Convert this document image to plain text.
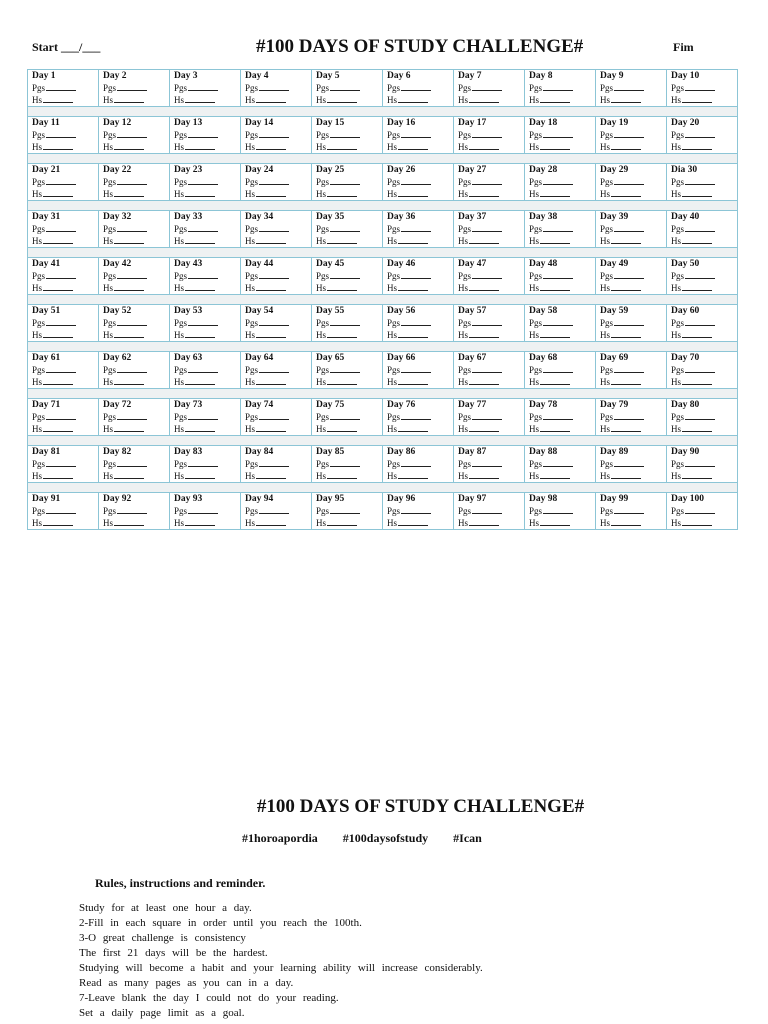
Start ___/___	#100 DAYS OF STUDY CHALLENGE#	Fim
Day 1
Pgs
Hs	Day 2
Pgs
Hs	Day 3
Pgs
Hs	Day 4
Pgs
Hs	Day 5
Pgs
Hs	Day 6
Pgs
Hs	Day 7
Pgs
Hs	Day 8
Pgs
Hs	Day 9
Pgs
Hs	Day 10
Pgs
Hs

Day 11
Pgs
Hs	Day 12
Pgs
Hs	Day 13
Pgs
Hs	Day 14
Pgs
Hs	Day 15
Pgs
Hs	Day 16
Pgs
Hs	Day 17
Pgs
Hs	Day 18
Pgs
Hs	Day 19
Pgs
Hs	Day 20
Pgs
Hs

Day 21
Pgs
Hs	Day 22
Pgs
Hs	Day 23
Pgs
Hs	Day 24
Pgs
Hs	Day 25
Pgs
Hs	Day 26
Pgs
Hs	Day 27
Pgs
Hs	Day 28
Pgs
Hs	Day 29
Pgs
Hs	Dia 30
Pgs
Hs

Day 31
Pgs
Hs	Day 32
Pgs
Hs	Day 33
Pgs
Hs	Day 34
Pgs
Hs	Day 35
Pgs
Hs	Day 36
Pgs
Hs	Day 37
Pgs
Hs	Day 38
Pgs
Hs	Day 39
Pgs
Hs	Day 40
Pgs
Hs

Day 41
Pgs
Hs	Day 42
Pgs
Hs	Day 43
Pgs
Hs	Day 44
Pgs
Hs	Day 45
Pgs
Hs	Day 46
Pgs
Hs	Day 47
Pgs
Hs	Day 48
Pgs
Hs	Day 49
Pgs
Hs	Day 50
Pgs
Hs

Day 51
Pgs
Hs	Day 52
Pgs
Hs	Day 53
Pgs
Hs	Day 54
Pgs
Hs	Day 55
Pgs
Hs	Day 56
Pgs
Hs	Day 57
Pgs
Hs	Day 58
Pgs
Hs	Day 59
Pgs
Hs	Day 60
Pgs
Hs

Day 61
Pgs
Hs	Day 62
Pgs
Hs	Day 63
Pgs
Hs	Day 64
Pgs
Hs	Day 65
Pgs
Hs	Day 66
Pgs
Hs	Day 67
Pgs
Hs	Day 68
Pgs
Hs	Day 69
Pgs
Hs	Day 70
Pgs
Hs

Day 71
Pgs
Hs	Day 72
Pgs
Hs	Day 73
Pgs
Hs	Day 74
Pgs
Hs	Day 75
Pgs
Hs	Day 76
Pgs
Hs	Day 77
Pgs
Hs	Day 78
Pgs
Hs	Day 79
Pgs
Hs	Day 80
Pgs
Hs

Day 81
Pgs
Hs	Day 82
Pgs
Hs	Day 83
Pgs
Hs	Day 84
Pgs
Hs	Day 85
Pgs
Hs	Day 86
Pgs
Hs	Day 87
Pgs
Hs	Day 88
Pgs
Hs	Day 89
Pgs
Hs	Day 90
Pgs
Hs

Day 91
Pgs
Hs	Day 92
Pgs
Hs	Day 93
Pgs
Hs	Day 94
Pgs
Hs	Day 95
Pgs
Hs	Day 96
Pgs
Hs	Day 97
Pgs
Hs	Day 98
Pgs
Hs	Day 99
Pgs
Hs	Day 100
Pgs
Hs
#100 DAYS OF STUDY CHALLENGE#
#1horoapordia #100daysofstudy #Ican
Rules, instructions and reminder.
Study for at least one hour a day.
2-Fill in each square in order until you reach the 100th.
3-O great challenge is consistency
The first 21 days will be the hardest.
Studying will become a habit and your learning ability will increase considerably.
Read as many pages as you can in a day.
7-Leave blank the day I could not do your reading.
Set a daily page limit as a goal.
